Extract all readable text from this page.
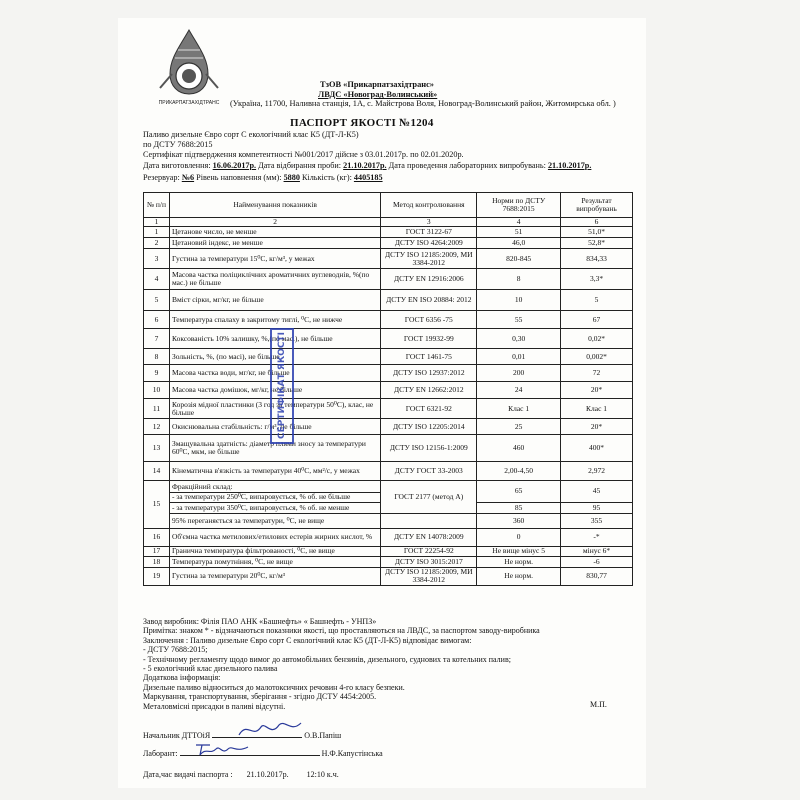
ПРИКАРПАТЗАХІДТРАНС
ТзОВ «Прикарпатзахідтранс»
ЛВДС «Новоград-Волинський»
(Україна, 11700, Наливна станція, 1А, с. Майстрова Воля, Новоград-Волинський район, Житомирська обл. )
ПАСПОРТ ЯКОСТІ №1204
Паливо дизельне Євро сорт С екологічний клас К5 (ДТ-Л-К5)
по ДСТУ 7688:2015
Сертифікат підтвердження компетентності №001/2017 дійсне з 03.01.2017р. по 02.01.2020р.
Дата виготовлення: 16.06.2017р. Дата відбирання проби: 21.10.2017р. Дата проведення лабораторних випробувань: 21.10.2017р.
Резервуар: №6 Рівень наповнення (мм): 5880 Кількість (кг): 4405185
№ п/п	Найменування показників	Метод контролювання	Норми по ДСТУ 7688:2015	Результат випробувань
1	2	3	4	6
1	Цетанове число, не менше	ГОСТ 3122-67	51	51,0*
2	Цетановий індекс, не менше	ДСТУ ISO 4264:2009	46,0	52,8*
3	Густина за температури 15⁰С, кг/м³, у межах	ДСТУ ISO 12185:2009, МИ 3384-2012	820-845	834,33
4	Масова частка поліциклічних ароматичних вуглеводнів, %(по мас.) не більше	ДСТУ EN 12916:2006	8	3,3*
5	Вміст сірки, мг/кг, не більше	ДСТУ EN ISO 20884: 2012	10	5
6	Температура спалаху в закритому тиглі, ⁰С, не нижче	ГОСТ 6356 -75	55	67
7	Коксованість 10% залишку, %,(по мас.), не більше	ГОСТ 19932-99	0,30	0,02*
8	Зольність, %, (по масі), не більше	ГОСТ 1461-75	0,01	0,002*
9	Масова частка води, мг/кг, не більше	ДСТУ ISO 12937:2012	200	72
10	Масова частка домішок, мг/кг, не більше	ДСТУ EN 12662:2012	24	20*
11	Корозія мідної пластинки (3 год за температури 50⁰С), клас, не більше	ГОСТ 6321-92	Клас 1	Клас 1
12	Окиснювальна стабільність: г/м³, не більше	ДСТУ ISO 12205:2014	25	20*
13	Змащувальна здатність: діаметр плями зносу за температури 60⁰С, мкм, не більше	ДСТУ ISO 12156-1:2009	460	400*
14	Кінематична в'язкість за температури 40⁰С, мм²/с, у межах	ДСТУ ГОСТ 33-2003	2,00-4,50	2,972
15	Фракційний склад:	ГОСТ 2177 (метод А)	65	45
	- за температури 250⁰С, випаровується, % об. не більше			
	- за температури 350⁰С, випаровується, % об. не менше		85	95
	95% переганяється за температури, ⁰С, не вище		360	355
16	Об'ємна частка метилових/етилових естерів жирних кислот, %	ДСТУ EN 14078:2009	0	-*
17	Гранична температура фільтрованості, ⁰С, не вище	ГОСТ 22254-92	Не вище мінус 5	мінус 6*
18	Температура помутніння, ⁰С, не вище	ДСТУ ISO 3015:2017	Не норм.	-6
19	Густина за температури 20⁰С, кг/м³	ДСТУ ISO 12185:2009, МИ 3384-2012	Не норм.	830,77
СЕРТИФІКАТ ЯКОСТІ
Завод виробник: Філія ПАО АНК «Башнефть» « Башнефть - УНПЗ»
Примітка: знаком * - відзначаються показники якості, що проставляються на ЛВДС, за паспортом заводу-виробника
Заключення : Паливо дизельне Євро сорт С екологічний клас К5 (ДТ-Л-К5) відповідає вимогам:
- ДСТУ 7688:2015;
- Технічному регламенту щодо вимог до автомобільних бензинів, дизельного, суднових та котельних палив;
- 5 екологічний клас дизельного палива
Додаткова інформація:
Дизельне паливо відноситься до малотоксичних речовин 4-го класу безпеки.
Маркування, транспортування, зберігання - згідно ДСТУ 4454:2005.
Металовмісні присадки в паливі відсутні.	М.П.
Начальник ДТТОіЯ	О.В.Папіш
Лаборант:	Н.Ф.Капустінська
Дата,час видачі паспорта : 21.10.2017р. 12:10 к.ч.
